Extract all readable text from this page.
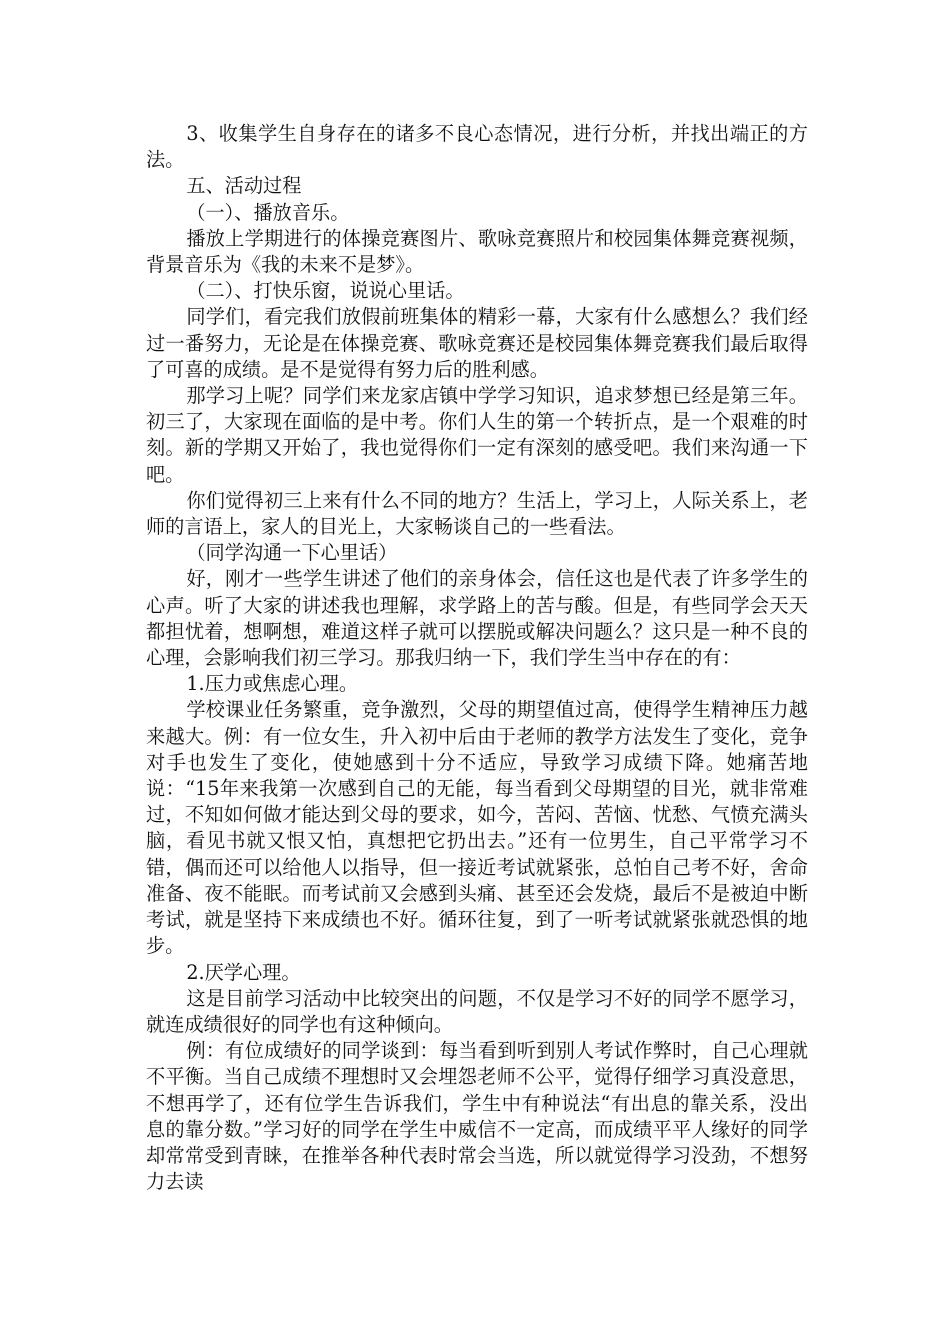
3、收集学生自身存在的诸多不良心态情况，进行分析，并找出端正的方法。

五、活动过程

（一）、播放音乐。

播放上学期进行的体操竞赛图片、歌咏竞赛照片和校园集体舞竞赛视频，背景音乐为《我的未来不是梦》。

（二）、打快乐窗，说说心里话。

同学们，看完我们放假前班集体的精彩一幕，大家有什么感想么？我们经过一番努力，无论是在体操竞赛、歌咏竞赛还是校园集体舞竞赛我们最后取得了可喜的成绩。是不是觉得有努力后的胜利感。

那学习上呢？同学们来龙家店镇中学学习知识，追求梦想已经是第三年。初三了，大家现在面临的是中考。你们人生的第一个转折点，是一个艰难的时刻。新的学期又开始了，我也觉得你们一定有深刻的感受吧。我们来沟通一下吧。

你们觉得初三上来有什么不同的地方？生活上，学习上，人际关系上，老师的言语上，家人的目光上，大家畅谈自己的一些看法。

（同学沟通一下心里话）

好，刚才一些学生讲述了他们的亲身体会，信任这也是代表了许多学生的心声。听了大家的讲述我也理解，求学路上的苦与酸。但是，有些同学会天天都担忧着，想啊想，难道这样子就可以摆脱或解决问题么？这只是一种不良的心理，会影响我们初三学习。那我归纳一下，我们学生当中存在的有：

1.压力或焦虑心理。

学校课业任务繁重，竞争激烈，父母的期望值过高，使得学生精神压力越来越大。例：有一位女生，升入初中后由于老师的教学方法发生了变化，竞争对手也发生了变化，使她感到十分不适应，导致学习成绩下降。她痛苦地说：“15年来我第一次感到自己的无能，每当看到父母期望的目光，就非常难过，不知如何做才能达到父母的要求，如今，苦闷、苦恼、忧愁、气愤充满头脑，看见书就又恨又怕，真想把它扔出去。”还有一位男生，自己平常学习不错，偶而还可以给他人以指导，但一接近考试就紧张，总怕自己考不好，舍命准备、夜不能眠。而考试前又会感到头痛、甚至还会发烧，最后不是被迫中断考试，就是坚持下来成绩也不好。循环往复，到了一听考试就紧张就恐惧的地步。

2.厌学心理。

这是目前学习活动中比较突出的问题，不仅是学习不好的同学不愿学习，就连成绩很好的同学也有这种倾向。

例：有位成绩好的同学谈到：每当看到听到别人考试作弊时，自己心理就不平衡。当自己成绩不理想时又会埋怨老师不公平，觉得仔细学习真没意思，不想再学了，还有位学生告诉我们，学生中有种说法“有出息的靠关系，没出息的靠分数。”学习好的同学在学生中威信不一定高，而成绩平平人缘好的同学却常常受到青睐，在推举各种代表时常会当选，所以就觉得学习没劲，不想努力去读
